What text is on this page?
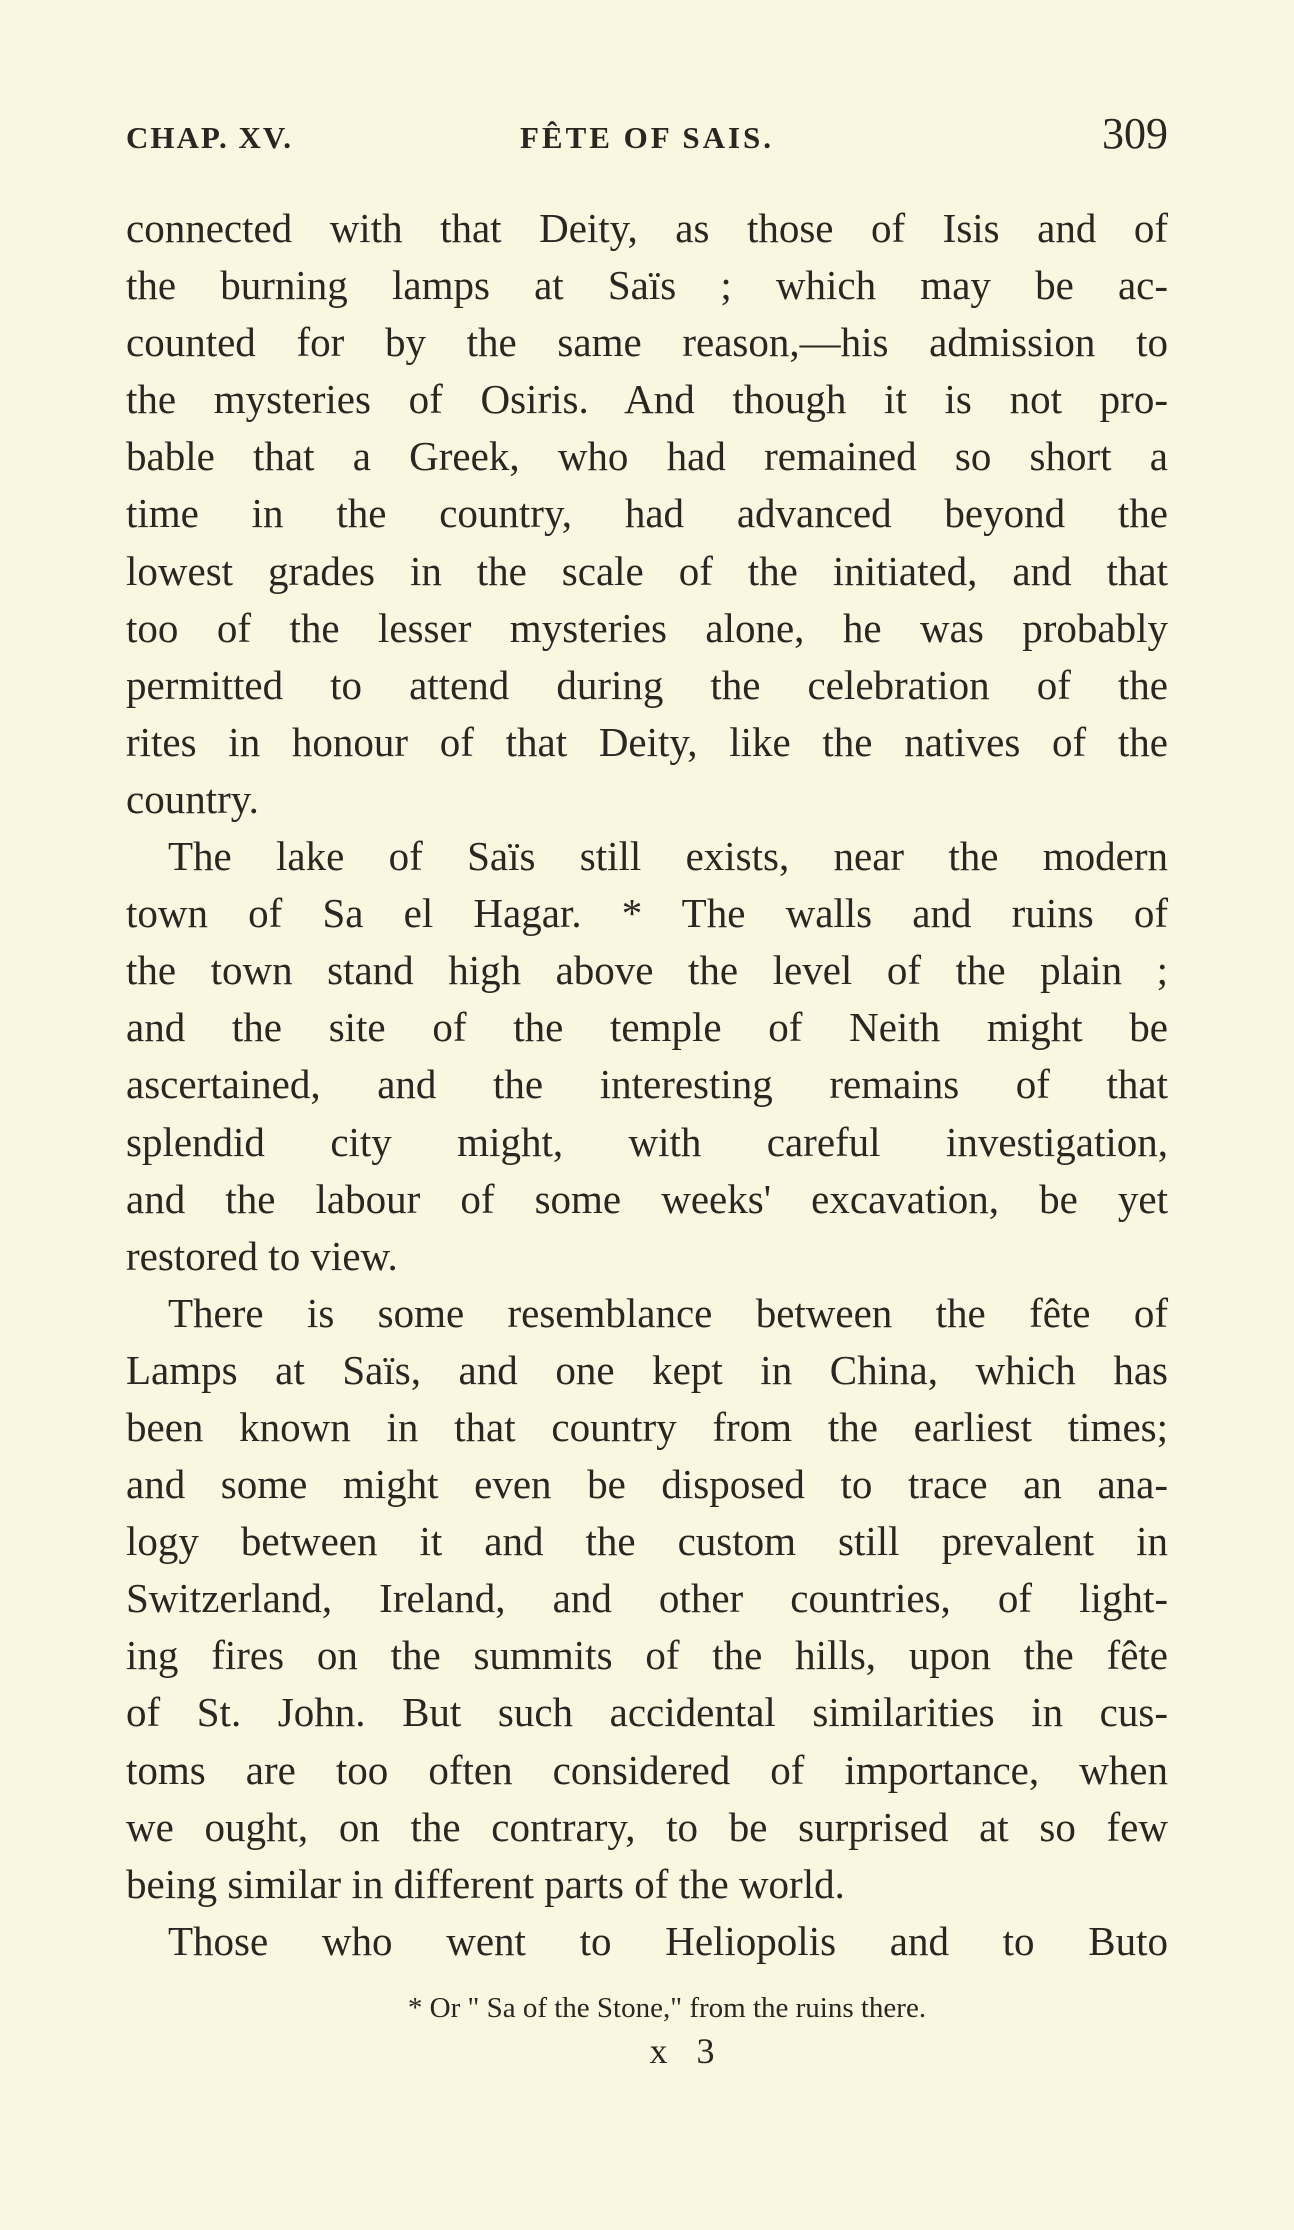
CHAP. XV.	FÊTE OF SAIS.	309
connected with that Deity, as those of Isis and of
the burning lamps at Saïs ; which may be ac-
counted for by the same reason,—his admission to
the mysteries of Osiris. And though it is not pro-
bable that a Greek, who had remained so short a
time in the country, had advanced beyond the
lowest grades in the scale of the initiated, and that
too of the lesser mysteries alone, he was probably
permitted to attend during the celebration of the
rites in honour of that Deity, like the natives of the
country.
The lake of Saïs still exists, near the modern
town of Sa el Hagar. * The walls and ruins of
the town stand high above the level of the plain ;
and the site of the temple of Neith might be
ascertained, and the interesting remains of that
splendid city might, with careful investigation,
and the labour of some weeks' excavation, be yet
restored to view.
There is some resemblance between the fête of
Lamps at Saïs, and one kept in China, which has
been known in that country from the earliest times;
and some might even be disposed to trace an ana-
logy between it and the custom still prevalent in
Switzerland, Ireland, and other countries, of light-
ing fires on the summits of the hills, upon the fête
of St. John. But such accidental similarities in cus-
toms are too often considered of importance, when
we ought, on the contrary, to be surprised at so few
being similar in different parts of the world.
Those who went to Heliopolis and to Buto
* Or " Sa of the Stone," from the ruins there.
x 3
